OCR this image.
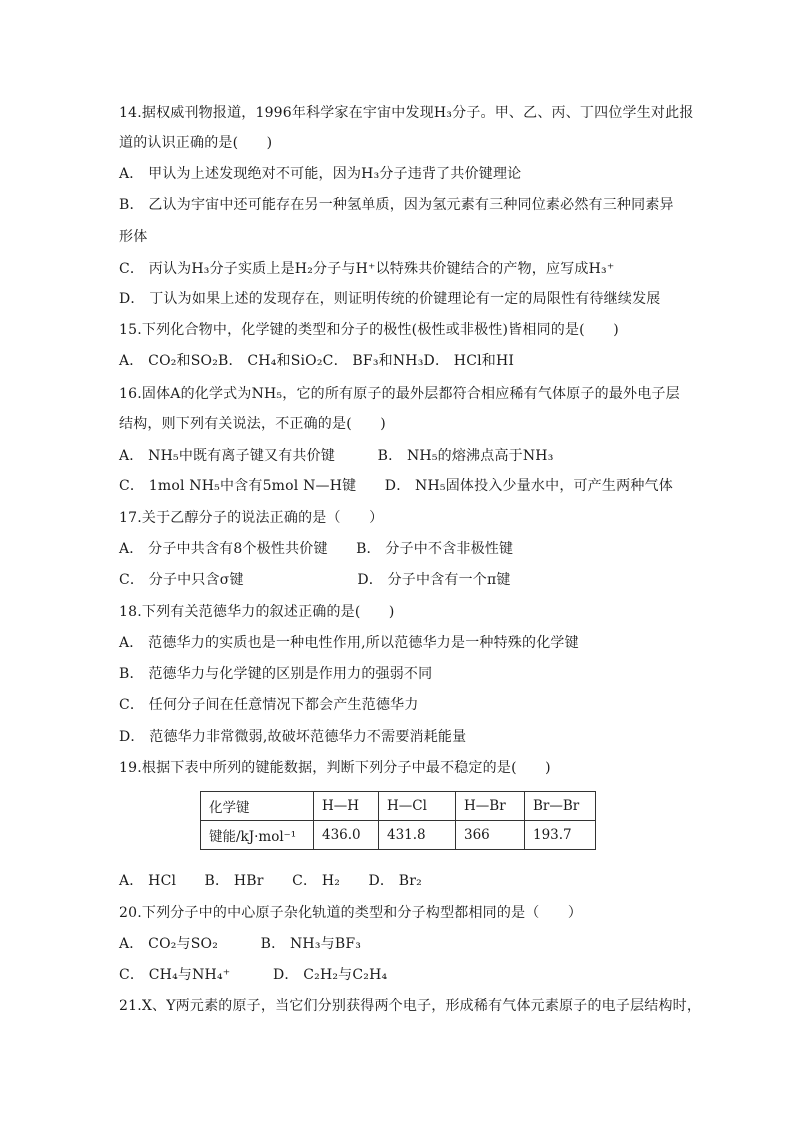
14.据权威刊物报道，1996年科学家在宇宙中发现H₃分子。甲、乙、丙、丁四位学生对此报
道的认识正确的是(　　)
A． 甲认为上述发现绝对不可能，因为H₃分子违背了共价键理论
B． 乙认为宇宙中还可能存在另一种氢单质，因为氢元素有三种同位素必然有三种同素异
形体
C． 丙认为H₃分子实质上是H₂分子与H⁺以特殊共价键结合的产物，应写成H₃⁺
D． 丁认为如果上述的发现存在，则证明传统的价键理论有一定的局限性有待继续发展
15.下列化合物中，化学键的类型和分子的极性(极性或非极性)皆相同的是(　　)
A． CO₂和SO₂B． CH₄和SiO₂C． BF₃和NH₃D． HCl和HI
16.固体A的化学式为NH₅，它的所有原子的最外层都符合相应稀有气体原子的最外电子层
结构，则下列有关说法，不正确的是(　　)
A． NH₅中既有离子键又有共价键　　　B． NH₅的熔沸点高于NH₃
C． 1mol NH₅中含有5mol N—H键　　D． NH₅固体投入少量水中，可产生两种气体
17.关于乙醇分子的说法正确的是（　　）
A． 分子中共含有8个极性共价键　　B． 分子中不含非极性键
C． 分子中只含σ键　　　　　　　　D． 分子中含有一个π键
18.下列有关范德华力的叙述正确的是(　　)
A． 范德华力的实质也是一种电性作用,所以范德华力是一种特殊的化学键
B． 范德华力与化学键的区别是作用力的强弱不同
C． 任何分子间在任意情况下都会产生范德华力
D． 范德华力非常微弱,故破坏范德华力不需要消耗能量
19.根据下表中所列的键能数据，判断下列分子中最不稳定的是(　　)
化学键	H—H	H—Cl	H—Br	Br—Br
键能/kJ·mol⁻¹	436.0	431.8	366	193.7
A． HCl　　B． HBr　　C． H₂　　D． Br₂
20.下列分子中的中心原子杂化轨道的类型和分子构型都相同的是（　　）
A． CO₂与SO₂　　　B． NH₃与BF₃
C． CH₄与NH₄⁺　　　D． C₂H₂与C₂H₄
21.X、Y两元素的原子，当它们分别获得两个电子，形成稀有气体元素原子的电子层结构时，
